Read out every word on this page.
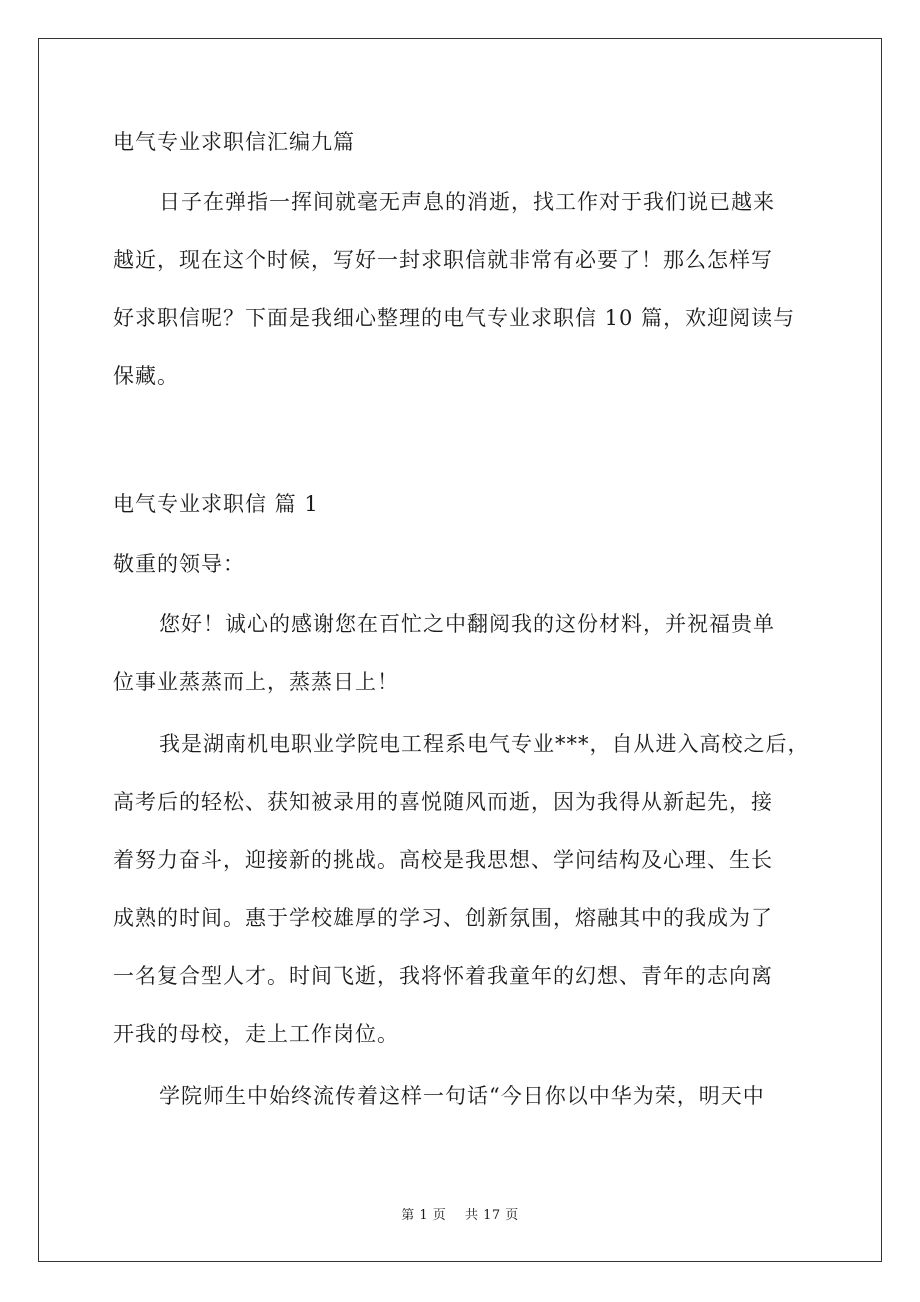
电气专业求职信汇编九篇
日子在弹指一挥间就毫无声息的消逝，找工作对于我们说已越来
越近，现在这个时候，写好一封求职信就非常有必要了！那么怎样写
好求职信呢？下面是我细心整理的电气专业求职信 10 篇，欢迎阅读与
保藏。
电气专业求职信 篇 1
敬重的领导：
您好！诚心的感谢您在百忙之中翻阅我的这份材料，并祝福贵单
位事业蒸蒸而上，蒸蒸日上！
我是湖南机电职业学院电工程系电气专业***，自从进入高校之后，
高考后的轻松、获知被录用的喜悦随风而逝，因为我得从新起先，接
着努力奋斗，迎接新的挑战。高校是我思想、学问结构及心理、生长
成熟的时间。惠于学校雄厚的学习、创新氛围，熔融其中的我成为了
一名复合型人才。时间飞逝，我将怀着我童年的幻想、青年的志向离
开我的母校，走上工作岗位。
学院师生中始终流传着这样一句话“今日你以中华为荣，明天中
第 1 页 共 17 页
